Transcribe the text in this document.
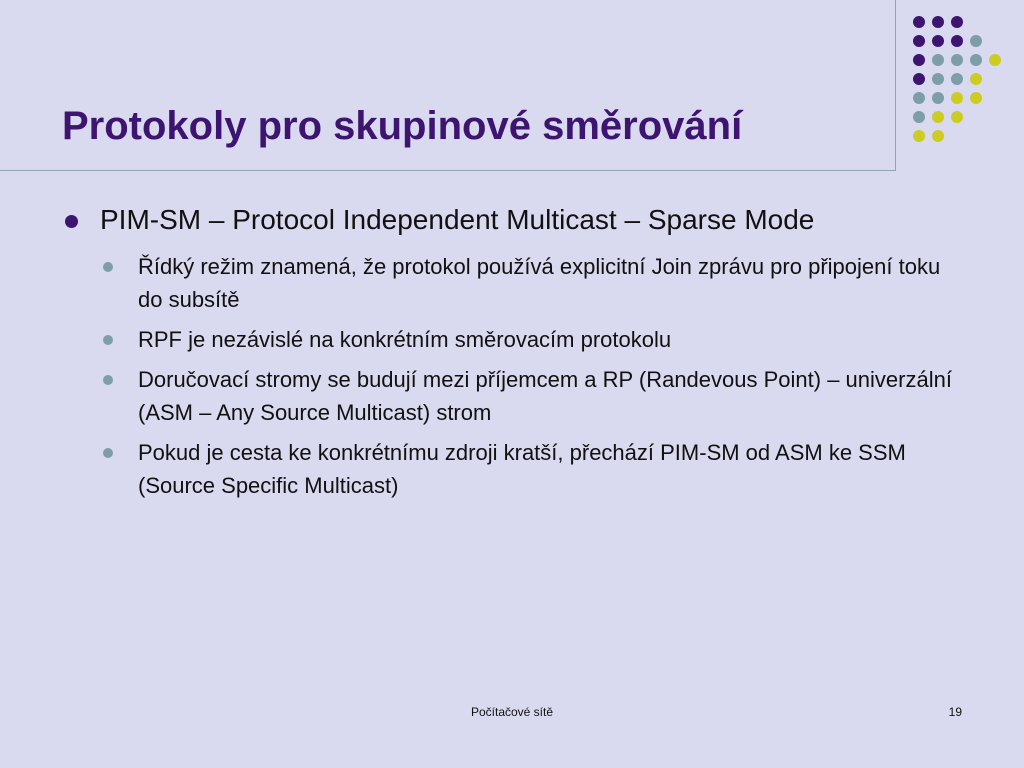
Protokoly pro skupinové směrování
PIM-SM – Protocol Independent Multicast – Sparse Mode
Řídký režim znamená, že protokol používá explicitní Join zprávu pro připojení toku do subsítě
RPF je nezávislé na konkrétním směrovacím protokolu
Doručovací stromy se budují mezi příjemcem a RP (Randevous Point) – univerzální (ASM – Any Source Multicast) strom
Pokud je cesta ke konkrétnímu zdroji kratší, přechází PIM-SM od ASM ke SSM (Source Specific Multicast)
Počítačové sítě	19
